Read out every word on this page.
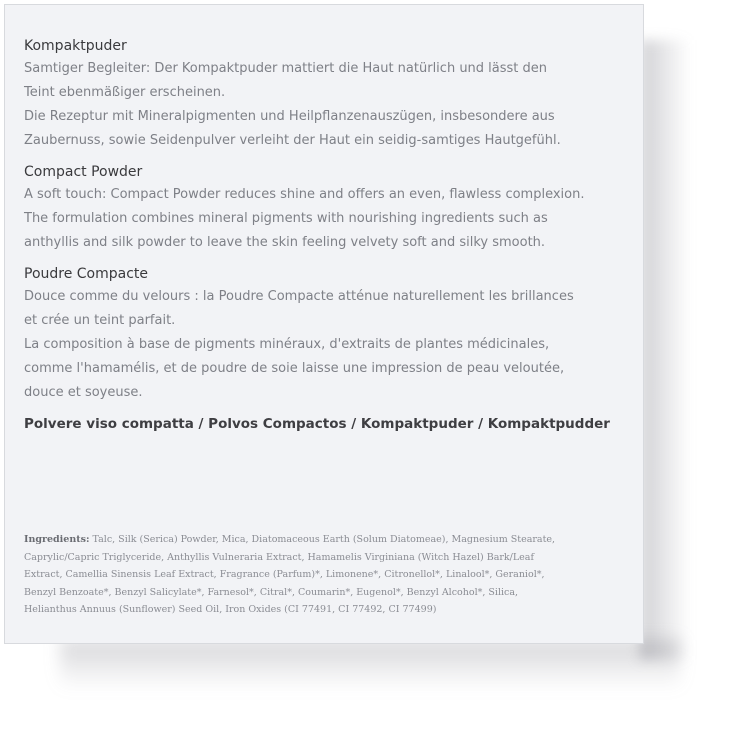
Kompaktpuder
Samtiger Begleiter: Der Kompaktpuder mattiert die Haut natürlich und lässt den
Teint ebenmäßiger erscheinen.
Die Rezeptur mit Mineralpigmenten und Heilpflanzenauszügen, insbesondere aus
Zaubernuss, sowie Seidenpulver verleiht der Haut ein seidig-samtiges Hautgefühl.
Compact Powder
A soft touch: Compact Powder reduces shine and offers an even, flawless complexion.
The formulation combines mineral pigments with nourishing ingredients such as
anthyllis and silk powder to leave the skin feeling velvety soft and silky smooth.
Poudre Compacte
Douce comme du velours : la Poudre Compacte atténue naturellement les brillances
et crée un teint parfait.
La composition à base de pigments minéraux, d'extraits de plantes médicinales,
comme l'hamamélis, et de poudre de soie laisse une impression de peau veloutée,
douce et soyeuse.
Polvere viso compatta / Polvos Compactos / Kompaktpuder / Kompaktpudder
Ingredients: Talc, Silk (Serica) Powder, Mica, Diatomaceous Earth (Solum Diatomeae), Magnesium Stearate,
Caprylic/Capric Triglyceride, Anthyllis Vulneraria Extract, Hamamelis Virginiana (Witch Hazel) Bark/Leaf
Extract, Camellia Sinensis Leaf Extract, Fragrance (Parfum)*, Limonene*, Citronellol*, Linalool*, Geraniol*,
Benzyl Benzoate*, Benzyl Salicylate*, Farnesol*, Citral*, Coumarin*, Eugenol*, Benzyl Alcohol*, Silica,
Helianthus Annuus (Sunflower) Seed Oil, Iron Oxides (CI 77491, CI 77492, CI 77499)
